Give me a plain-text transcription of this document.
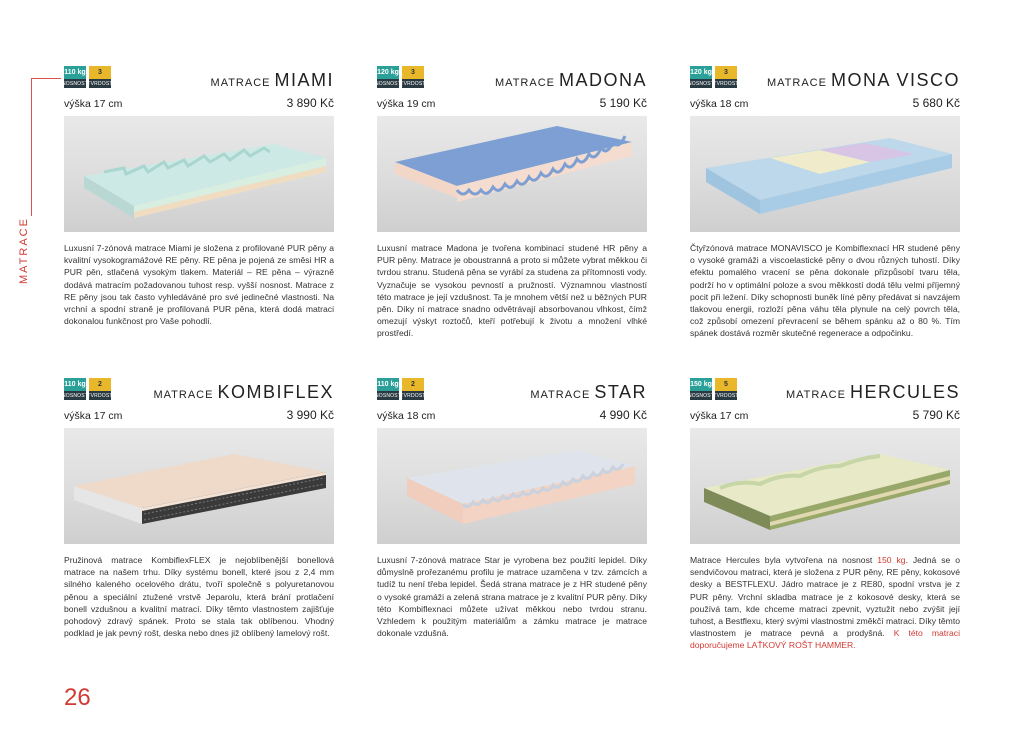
MATRACE
26
110 kg
NOSNOST
3
TVRDOST	MATRACE MIAMI
výška 17 cm	3 890 Kč
Luxusní 7-zónová matrace Miami je složena z profilované PUR pěny a kvalitní vysokogramážové RE pěny. RE pěna je pojená ze směsi HR a PUR pěn, stlačená vysokým tlakem. Materiál – RE pěna – výrazně dodává matracím požadovanou tuhost resp. vyšší nosnost. Matrace z RE pěny jsou tak často vyhledáváné pro své jedinečné vlastnosti. Na vrchní a spodní straně je profilovaná PUR pěna, která dodá matraci dokonalou funkčnost pro Vaše pohodlí.
120 kg
NOSNOST
3
TVRDOST	MATRACE MADONA
výška 19 cm	5 190 Kč
Luxusní matrace Madona je tvořena kombinací studené HR pěny a PUR pěny. Matrace je oboustranná a proto si můžete vybrat měkkou či tvrdou stranu. Studená pěna se vyrábí za studena za přítomnosti vody. Vyznačuje se vysokou pevností a pružností. Významnou vlastností této matrace je její vzdušnost. Ta je mnohem větší než u běžných PUR pěn. Díky ní matrace snadno odvětrávají absorbovanou vlhkost, čímž omezují výskyt roztočů, kteří potřebují k životu a množení vlhké prostředí.
120 kg
NOSNOST
3
TVRDOST	MATRACE MONA VISCO
výška 18 cm	5 680 Kč
Čtyřzónová matrace MONAVISCO je Kombiflexnací HR studené pěny o vysoké gramáži a viscoelastické pěny o dvou různých tuhostí. Díky efektu pomalého vracení se pěna dokonale přizpůsobí tvaru těla, podrží ho v optimální poloze a svou měkkostí dodá tělu velmi příjemný pocit při ležení. Díky schopnosti buněk líné pěny předávat si navzájem tlakovou energii, rozloží pěna váhu těla plynule na celý povrch těla, což způsobí omezení převracení se během spánku až o 80 %. Tím spánek dostává rozměr skutečné regenerace a odpočinku.
110 kg
NOSNOST
2
TVRDOST	MATRACE KOMBIFLEX
výška 17 cm	3 990 Kč
Pružinová matrace KombiflexFLEX je nejoblíbenější bonellová matrace na našem trhu. Díky systému bonell, které jsou z 2,4 mm silného kaleného ocelového drátu, tvoří společně s polyuretanovou pěnou a speciální ztužené vrstvě Jeparolu, která brání protlačení bonell vzdušnou a kvalitní matrací. Díky těmto vlastnostem zajišťuje pohodový zdravý spánek. Proto se stala tak oblíbenou. Vhodný podklad je jak pevný rošt, deska nebo dnes již oblíbený lamelový rošt.
110 kg
NOSNOST
2
TVRDOST	MATRACE STAR
výška 18 cm	4 990 Kč
Luxusní 7-zónová matrace Star je vyrobena bez použití lepidel. Díky důmyslně prořezanému profilu je matrace uzamčena v tzv. zámcích a tudíž tu není třeba lepidel. Šedá strana matrace je z HR studené pěny o vysoké gramáži a zelená strana matrace je z kvalitní PUR pěny. Díky této Kombiflexnaci můžete užívat měkkou nebo tvrdou stranu. Vzhledem k použitým materiálům a zámku matrace je matrace dokonale vzdušná.
150 kg
NOSNOST
5
TVRDOST	MATRACE HERCULES
výška 17 cm	5 790 Kč
Matrace Hercules byla vytvořena na nosnost 150 kg. Jedná se o sendvičovou matraci, která je složena z PUR pěny, RE pěny, kokosové desky a BESTFLEXU. Jádro matrace je z RE80, spodní vrstva je z PUR pěny. Vrchní skladba matrace je z kokosové desky, která se používá tam, kde chceme matraci zpevnit, vyztužit nebo zvýšit její tuhost, a Bestflexu, který svými vlastnostmi změkčí matraci. Díky těmto vlastnostem je matrace pevná a prodyšná. K této matraci doporučujeme LAŤKOVÝ ROŠT HAMMER.
